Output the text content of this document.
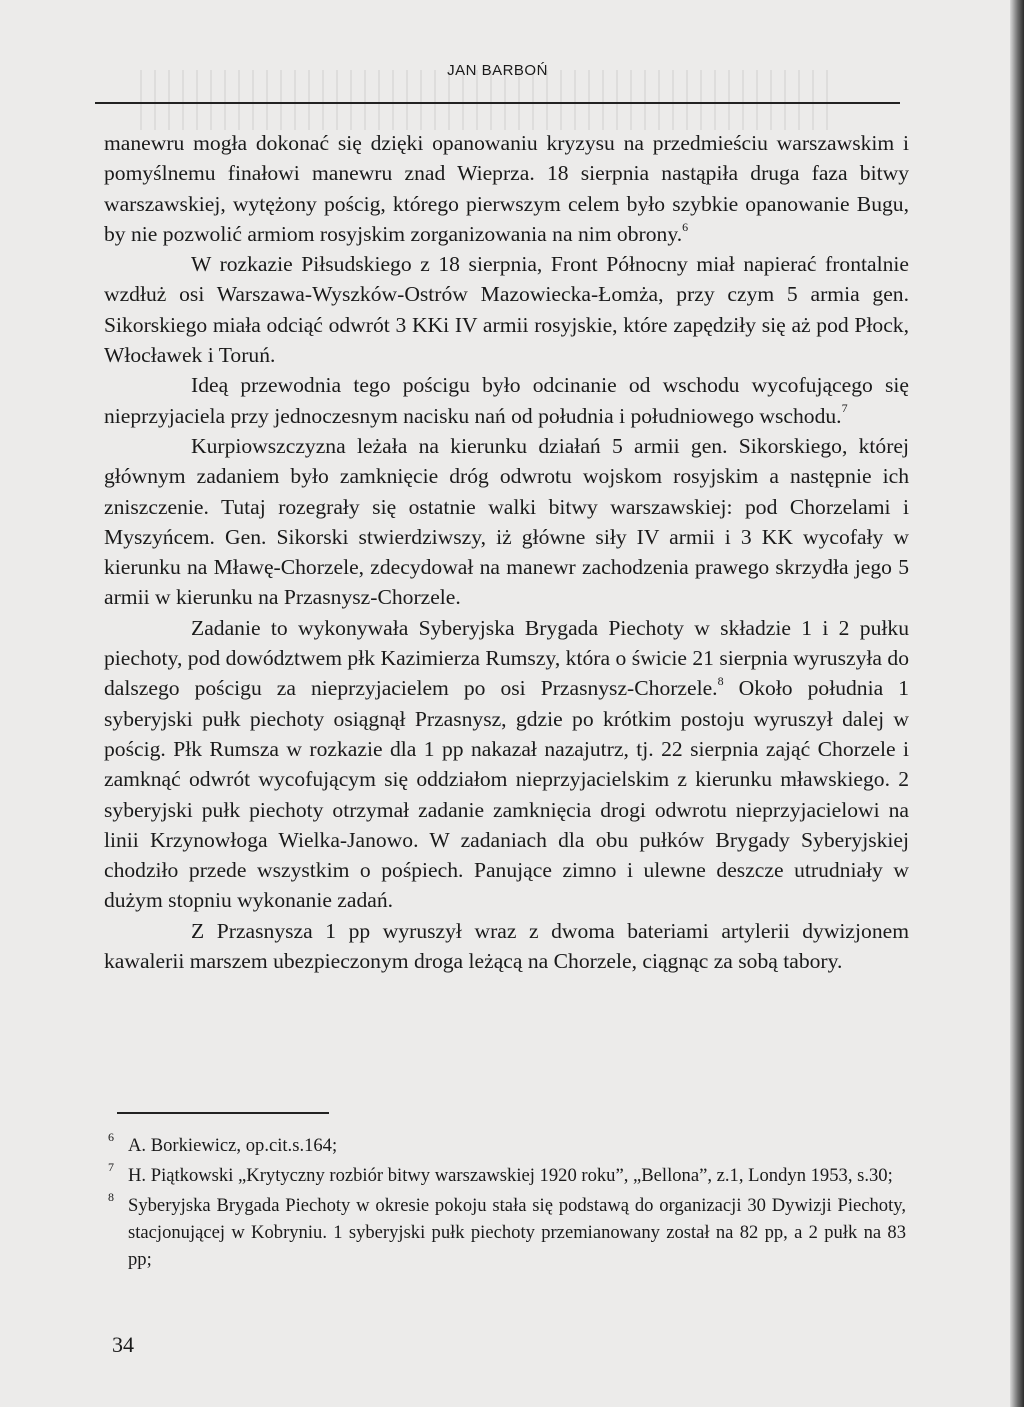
JAN BARBOŃ

manewru mogła dokonać się dzięki opanowaniu kryzysu na przedmieściu warszawskim i pomyślnemu finałowi manewru znad Wieprza. 18 sierpnia nastąpiła druga faza bitwy warszawskiej, wytężony pościg, którego pierwszym celem było szybkie opanowanie Bugu, by nie pozwolić armiom rosyjskim zorganizowania na nim obrony.$^6$

W rozkazie Piłsudskiego z 18 sierpnia, Front Północny miał napierać frontalnie wzdłuż osi Warszawa-Wyszków-Ostrów Mazowiecka-Łomża, przy czym 5 armia gen. Sikorskiego miała odciąć odwrót 3 KKi IV armii rosyjskie, które zapędziły się aż pod Płock, Włocławek i Toruń.

Ideą przewodnia tego pościgu było odcinanie od wschodu wycofującego się nieprzyjaciela przy jednoczesnym nacisku nań od południa i południowego wschodu.$^7$

Kurpiowszczyzna leżała na kierunku działań 5 armii gen. Sikorskiego, której głównym zadaniem było zamknięcie dróg odwrotu wojskom rosyjskim a następnie ich zniszczenie. Tutaj rozegrały się ostatnie walki bitwy warszawskiej: pod Chorzelami i Myszyńcem. Gen. Sikorski stwierdziwszy, iż główne siły IV armii i 3 KK wycofały w kierunku na Mławę-Chorzele, zdecydował na manewr zachodzenia prawego skrzydła jego 5 armii w kierunku na Przasnysz-Chorzele.

Zadanie to wykonywała Syberyjska Brygada Piechoty w składzie 1 i 2 pułku piechoty, pod dowództwem płk Kazimierza Rumszy, która o świcie 21 sierpnia wyruszyła do dalszego pościgu za nieprzyjacielem po osi Przasnysz-Chorzele.$^8$ Około południa 1 syberyjski pułk piechoty osiągnął Przasnysz, gdzie po krótkim postoju wyruszył dalej w pościg. Płk Rumsza w rozkazie dla 1 pp nakazał nazajutrz, tj. 22 sierpnia zająć Chorzele i zamknąć odwrót wycofującym się oddziałom nieprzyjacielskim z kierunku mławskiego. 2 syberyjski pułk piechoty otrzymał zadanie zamknięcia drogi odwrotu nieprzyjacielowi na linii Krzynowłoga Wielka-Janowo. W zadaniach dla obu pułków Brygady Syberyjskiej chodziło przede wszystkim o pośpiech. Panujące zimno i ulewne deszcze utrudniały w dużym stopniu wykonanie zadań.

Z Przasnysza 1 pp wyruszył wraz z dwoma bateriami artylerii dywizjonem kawalerii marszem ubezpieczonym droga leżącą na Chorzele, ciągnąc za sobą tabory.

6 A. Borkiewicz, op.cit.s.164;
7 H. Piątkowski „Krytyczny rozbiór bitwy warszawskiej 1920 roku”, „Bellona”, z.1, Londyn 1953, s.30;
8 Syberyjska Brygada Piechoty w okresie pokoju stała się podstawą do organizacji 30 Dywizji Piechoty, stacjonującej w Kobryniu. 1 syberyjski pułk piechoty przemianowany został na 82 pp, a 2 pułk na 83 pp;
34
